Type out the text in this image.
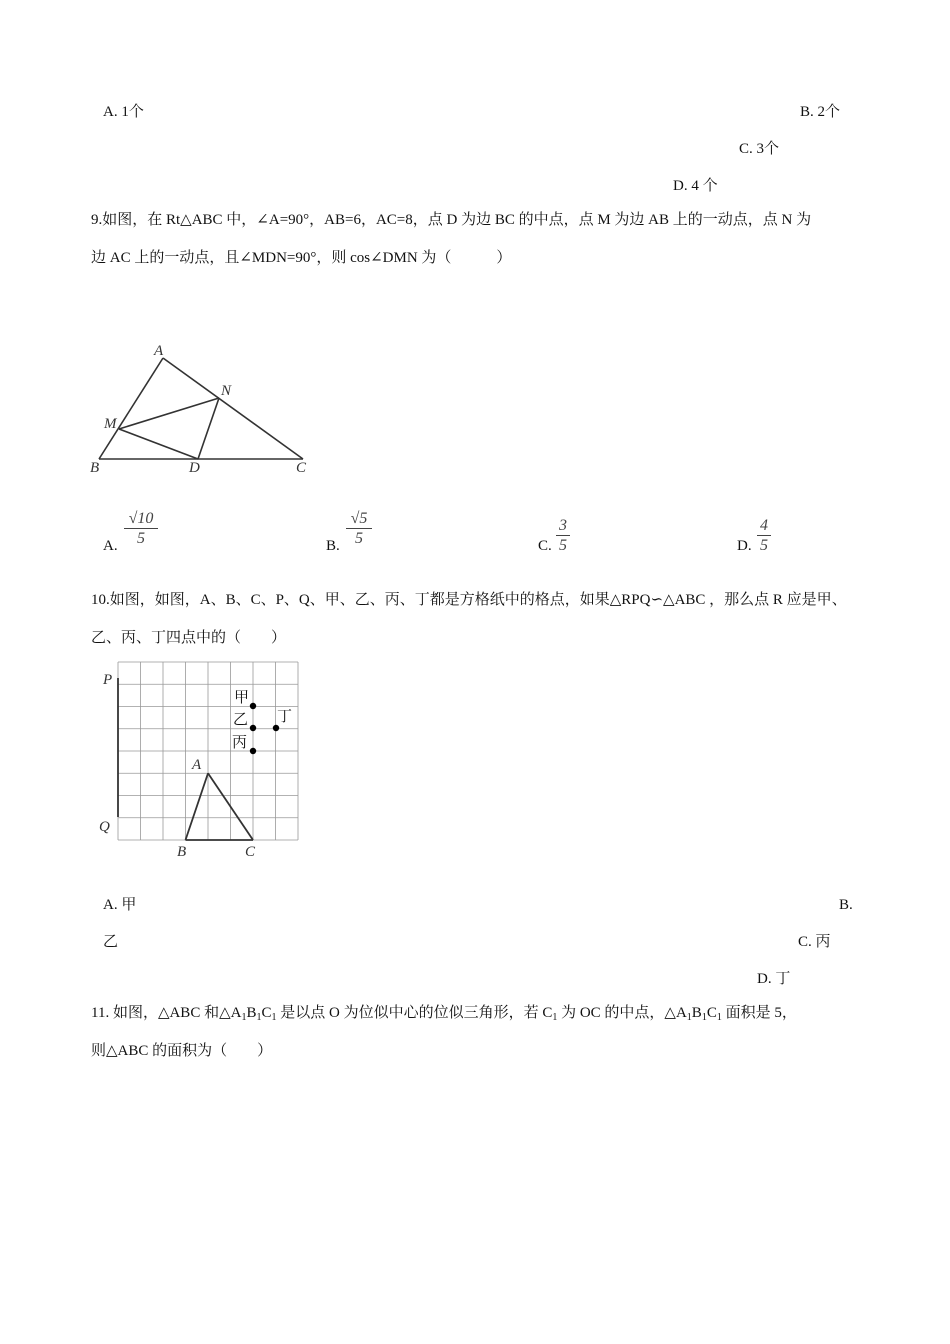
A. 1个	B. 2个
C. 3个
D. 4 个
9.如图，在 Rt△ABC 中，∠A=90°，AB=6，AC=8，点 D 为边 BC 的中点，点 M 为边 AB 上的一动点，点 N 为
边 AC 上的一动点，且∠MDN=90°，则 cos∠DMN 为（　　　）
A
N
M
B	D	C
A.
√10
5	B.
√5
5	C.
3
5	D.
4
5
10.如图，如图，A、B、C、P、Q、甲、乙、丙、丁都是方格纸中的格点，如果△RPQ∽△ABC ，那么点 R 应是甲、
乙、丙、丁四点中的（　　）
P
Q
A
B	C
甲
乙
丙
丁
A. 甲	B.
乙	C. 丙
D. 丁
11. 如图，△ABC 和$\triangle A_1B_1C_1$ 是以点 O 为位似中心的位似三角形，若 $C_1$ 为 OC 的中点，$\triangle A_1B_1C_1$ 面积是 5，
则△ABC 的面积为（　　）
